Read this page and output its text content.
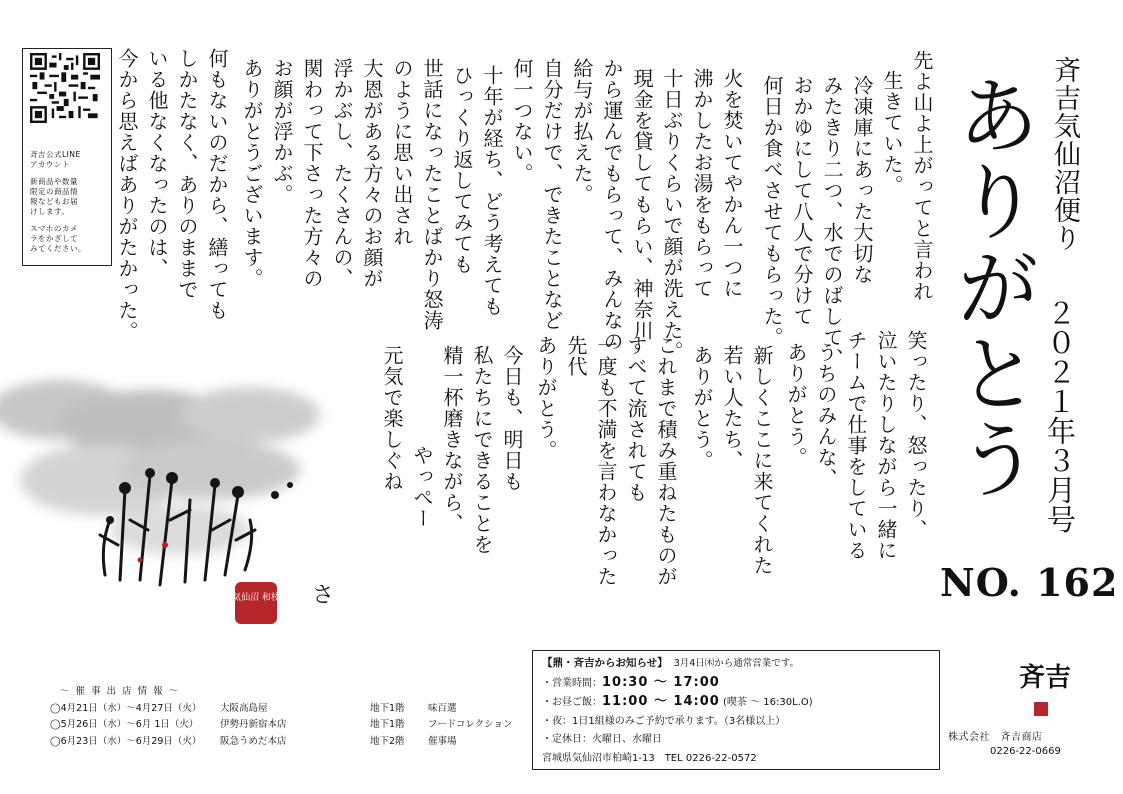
斉吉公式LINE
アカウント

新商品や数量
限定の商品情
報などもお届
けします。

スマホのカメ
ラをかざして
みてください。	斉吉気仙沼便り
２０２１年３月号
ありがとう
NO. 162
先よ山よ上がってと言われ
生きていた。
冷凍庫にあった大切な
みたきり二つ、水でのばして、
おかゆにして八人で分けて
何日か食べさせてもらった。
火を焚いてやかん一つに
沸かしたお湯をもらって
十日ぶりくらいで顔が洗えた。
現金を貸してもらい、神奈川
から運んでもらって、みんなの
給与が払えた。
自分だけで、できたことなど
何一つない。
十年が経ち、どう考えても
ひっくり返してみても
世話になったことばかり怒涛
のように思い出され
大恩がある方々のお顔が
浮かぶし、たくさんの、
関わって下さった方々の
お顔が浮かぶ。
ありがとうございます。
何もないのだから、繕っても
しかたなく、ありのままで
いる他なくなったのは、
今から思えばありがたかった。
笑ったり、怒ったり、
泣いたりしながら一緒に
チームで仕事をしている
うちのみんな、
ありがとう。
新しくここに来てくれた
若い人たち、
ありがとう。
これまで積み重ねたものが
すべて流されても
一度も不満を言わなかった
先代
ありがとう。
今日も、明日も
私たちにできることを
精一杯磨きながら、
やっぺー
元気で楽しぐね
気仙沼 和枝 さ
～ 催 事 出 店 情 報 ～
◯4月21日（水）～4月27日（火）	大阪高島屋	地下1階	味百選
◯5月26日（水）～6月 1日（火）	伊勢丹新宿本店	地下1階	フードコレクション
◯6月23日（水）～6月29日（火）	阪急うめだ本店	地下2階	催事場
【鼎・斉吉からお知らせ】 3月4日㈭から通常営業です。
・営業時間：10:30 ～ 17:00
・お昼ご飯：11:00 ～ 14:00 (喫茶 ～ 16:30L.O)
・夜：1日1組様のみご予約で承ります。（3名様以上）
・定休日：火曜日、水曜日
宮城県気仙沼市柏崎1-13　TEL 0226-22-0572
斉吉
株式会社　斉吉商店
0226-22-0669
